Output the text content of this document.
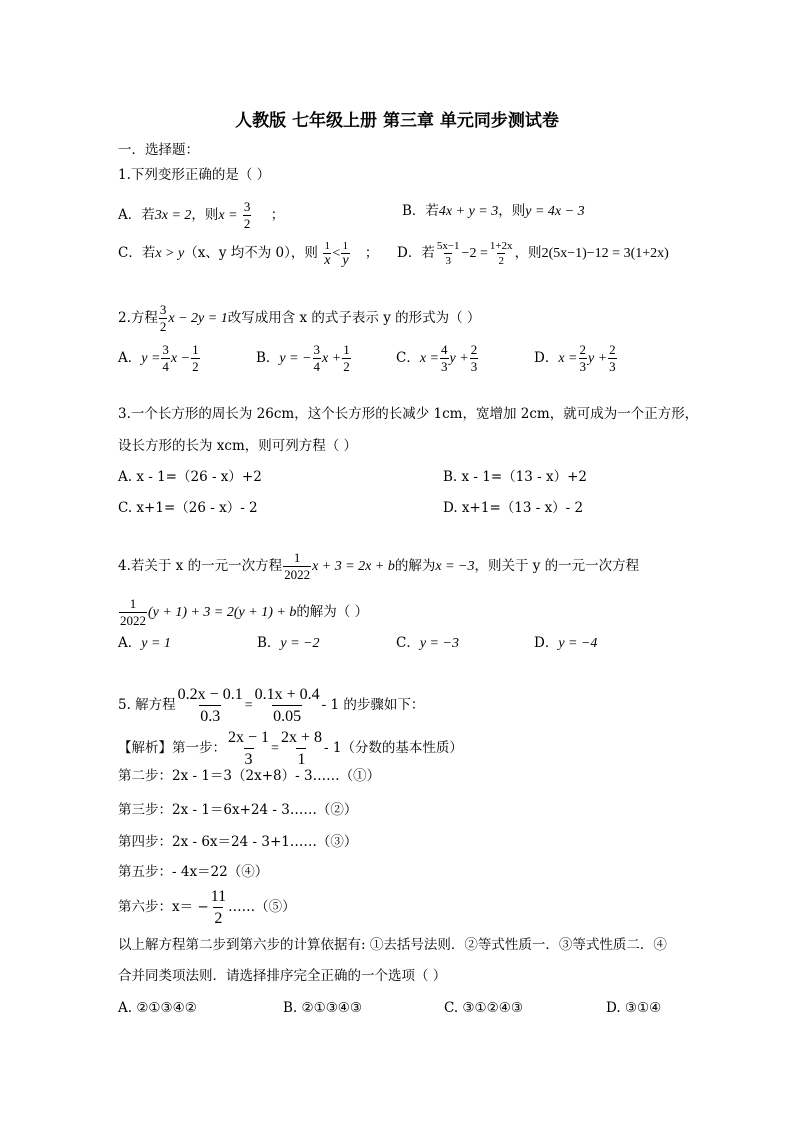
人教版 七年级上册 第三章 单元同步测试卷
一．选择题：
1.下列变形正确的是（ ）
A．若3x = 2，则$x = \frac{3}{2}$ ；	B．若4x + y = 3，则y = 4x − 3
C．若x > y（x、y 均不为 0），则 $\frac{1}{x} < \frac{1}{y}$ ； D．若 $\frac{5x-1}{3} -2 = \frac{1+2x}{2}$ ，则2(5x−1)−12 = 3(1+2x)
2.方程 $\frac{3}{2}$ x − 2y = 1改写成用含 x 的式子表示 y 的形式为（ ）
A．$y = \frac{3}{4}$ $x - \frac{1}{2}$	B．y = − $\frac{3}{4}$ $x + \frac{1}{2}$	C．$x = \frac{4}{3}$ $y + \frac{2}{3}$	D．$x = \frac{2}{3}$ $y + \frac{2}{3}$
3.一个长方形的周长为 26cm，这个长方形的长减少 1cm，宽增加 2cm，就可成为一个正方形，
设长方形的长为 xcm，则可列方程（ ）
A. x - 1=（26 - x）+2	B. x - 1=（13 - x）+2
C. x+1=（26 - x）- 2	D. x+1=（13 - x）- 2
4.若关于 x 的一元一次方程 $\frac{1}{2022}$ x + 3 = 2x + b的解为x = −3，则关于 y 的一元一次方程
$\frac{1}{2022} (y + 1) + 3 = 2(y + 1) + b$的解为（ ）
A．y = 1	B．y = −2	C．y = −3	D．y = −4
5. 解方程 $\frac{0.2x - 0.1}{0.3} = \frac{0.1x + 0.4}{0.05} - 1$ 的步骤如下：
【解析】第一步： $\frac{2x - 1}{3} = \frac{2x + 8}{1} - 1$（分数的基本性质）
第二步：2x - 1＝3（2x+8）- 3……（①）
第三步：2x - 1＝6x+24 - 3……（②）
第四步：2x - 6x＝24 - 3+1……（③）
第五步：- 4x＝22（④）
第六步：$x= - \frac{11}{2}$ ……（⑤）
以上解方程第二步到第六步的计算依据有: ①去括号法则．②等式性质一．③等式性质二．④
合并同类项法则．请选择排序完全正确的一个选项（ ）
A. ②①③④②	B. ②①③④③	C. ③①②④③	D. ③①④
